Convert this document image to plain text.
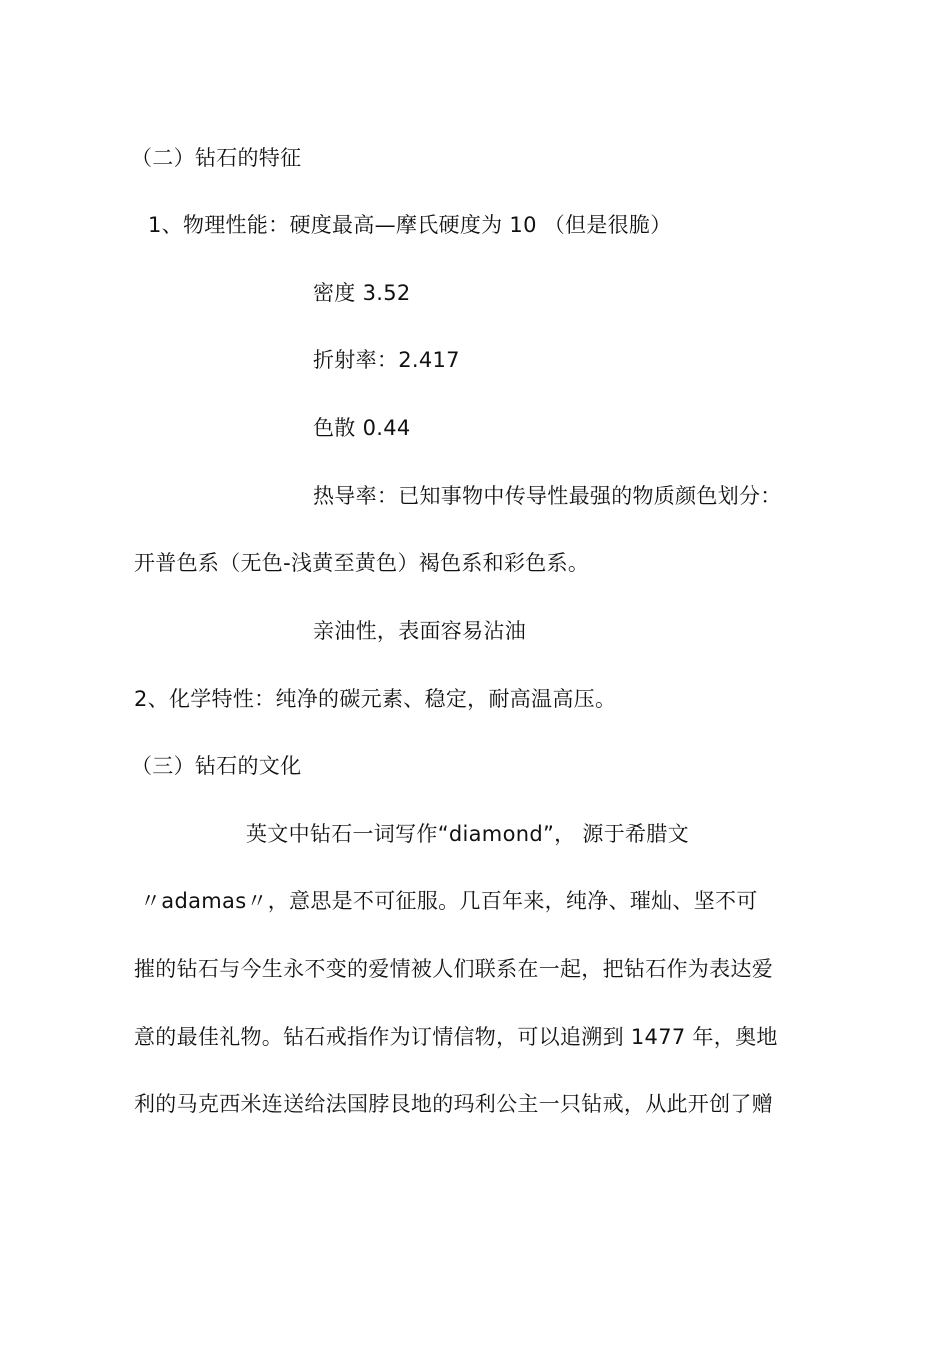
（二）钻石的特征
1、物理性能：硬度最高—摩氏硬度为 10 （但是很脆）
密度 3.52
折射率：2.417
色散 0.44
热导率：已知事物中传导性最强的物质颜色划分：
开普色系（无色-浅黄至黄色）褐色系和彩色系。
亲油性，表面容易沾油
2、化学特性：纯净的碳元素、稳定，耐高温高压。
（三）钻石的文化
英文中钻石一词写作“diamond”， 源于希腊文
〃adamas〃，意思是不可征服。几百年来，纯净、璀灿、坚不可
摧的钻石与今生永不变的爱情被人们联系在一起，把钻石作为表达爱
意的最佳礼物。钻石戒指作为订情信物，可以追溯到 1477 年，奥地
利的马克西米连送给法国脖艮地的玛利公主一只钻戒，从此开创了赠
